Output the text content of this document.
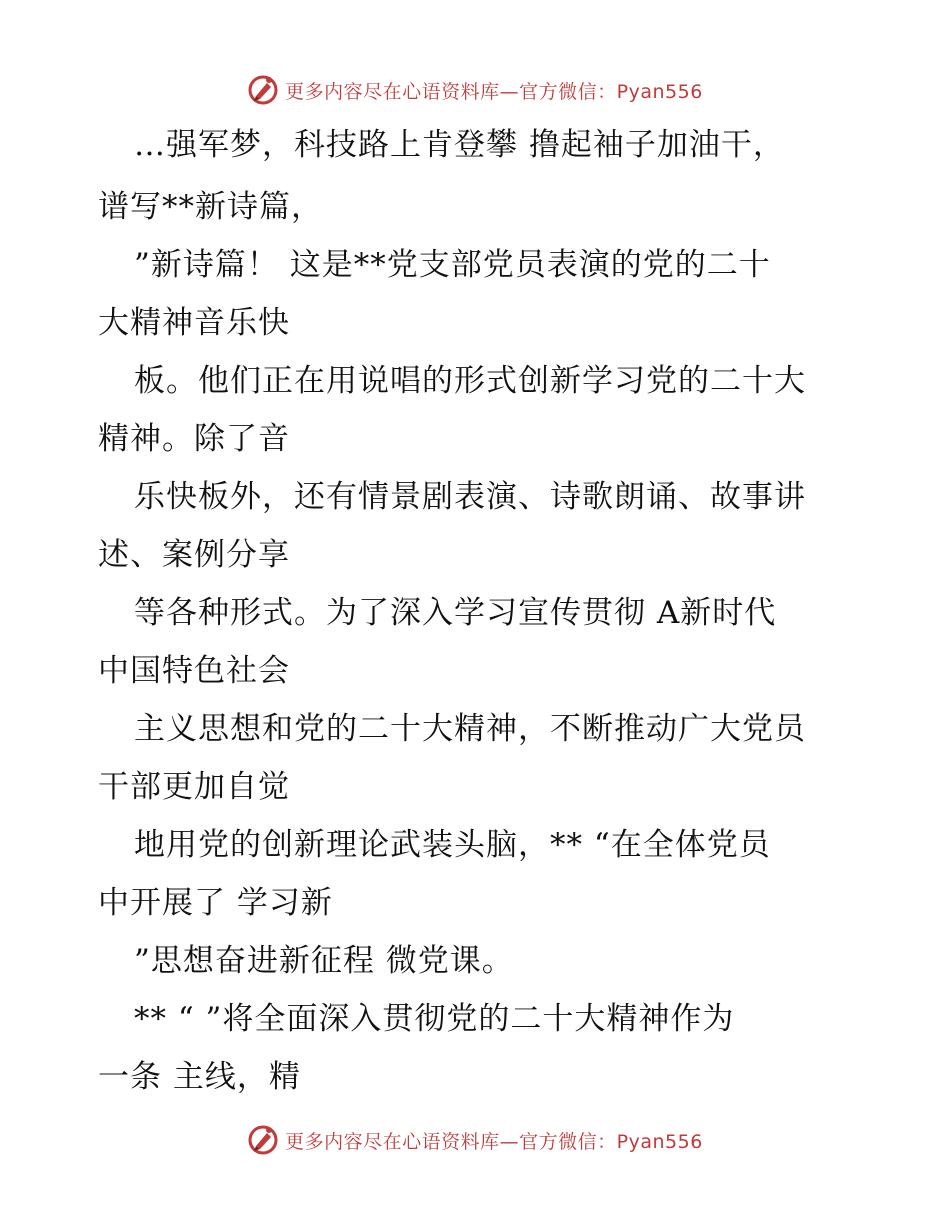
更多内容尽在心语资料库—官方微信：Pyan556
…强军梦，科技路上肯登攀 撸起袖子加油干，
谱写**新诗篇，
”新诗篇！ 这是**党支部党员表演的党的二十
大精神音乐快
板。他们正在用说唱的形式创新学习党的二十大
精神。除了音
乐快板外，还有情景剧表演、诗歌朗诵、故事讲
述、案例分享
等各种形式。为了深入学习宣传贯彻 A新时代
中国特色社会
主义思想和党的二十大精神，不断推动广大党员
干部更加自觉
地用党的创新理论武装头脑，** “在全体党员
中开展了 学习新
”思想奋进新征程 微党课。
** “ ”将全面深入贯彻党的二十大精神作为
一条 主线，精
更多内容尽在心语资料库—官方微信：Pyan556
